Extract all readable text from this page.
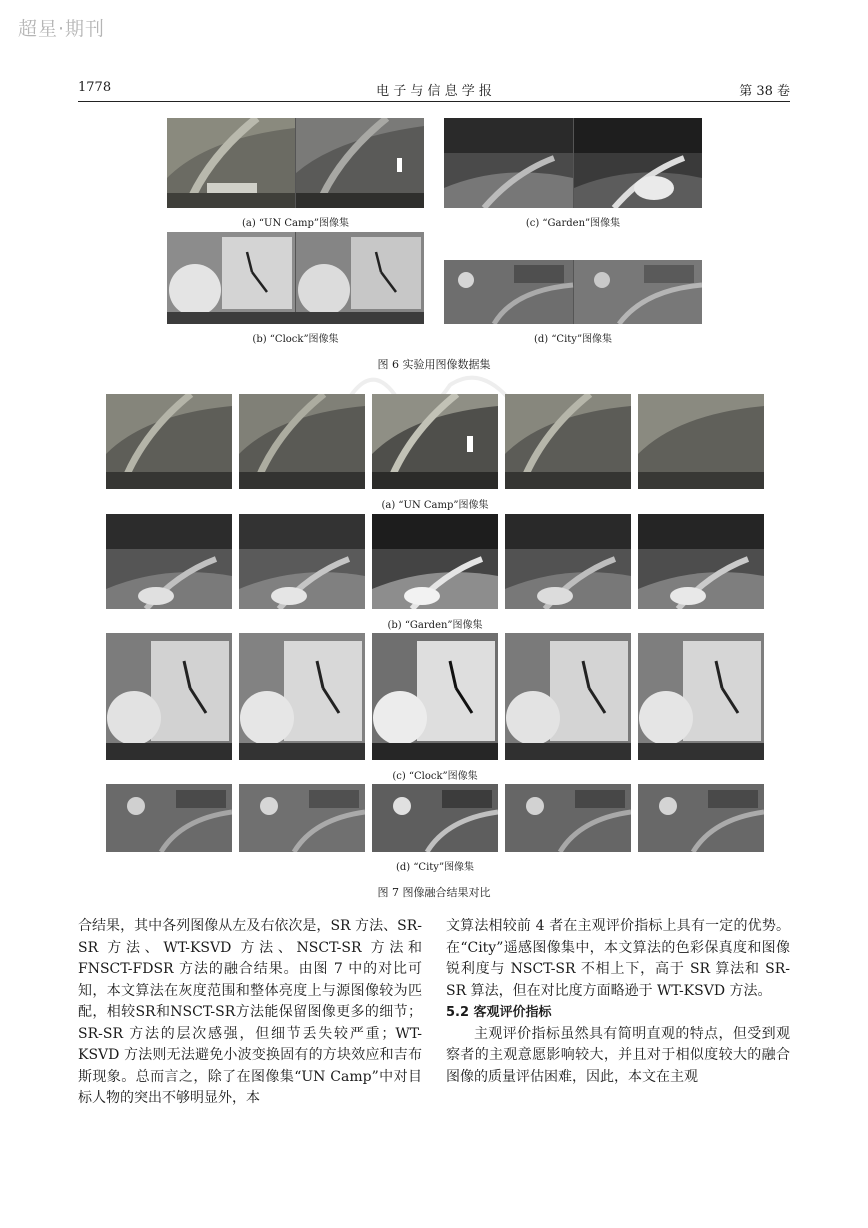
超星·期刊
1778	电 子 与 信 息 学 报	第 38 卷
(a) “UN Camp”图像集	(c) “Garden”图像集
(b) “Clock”图像集	(d) “City”图像集
图 6 实验用图像数据集
(a) “UN Camp”图像集
(b) “Garden”图像集
(c) “Clock”图像集
(d) “City”图像集
图 7 图像融合结果对比

合结果，其中各列图像从左及右依次是，SR 方法、SR-SR 方法、WT-KSVD 方法、NSCT-SR 方法和 FNSCT-FDSR 方法的融合结果。由图 7 中的对比可知，本文算法在灰度范围和整体亮度上与源图像较为匹配，相较SR和NSCT-SR方法能保留图像更多的细节；SR-SR 方法的层次感强，但细节丢失较严重；WT-KSVD 方法则无法避免小波变换固有的方块效应和吉布斯现象。总而言之，除了在图像集“UN Camp”中对目标人物的突出不够明显外，本

文算法相较前 4 者在主观评价指标上具有一定的优势。在“City”遥感图像集中，本文算法的色彩保真度和图像锐利度与 NSCT-SR 不相上下，高于 SR 算法和 SR-SR 算法，但在对比度方面略逊于 WT-KSVD 方法。

5.2 客观评价指标

主观评价指标虽然具有简明直观的特点，但受到观察者的主观意愿影响较大，并且对于相似度较大的融合图像的质量评估困难，因此，本文在主观
